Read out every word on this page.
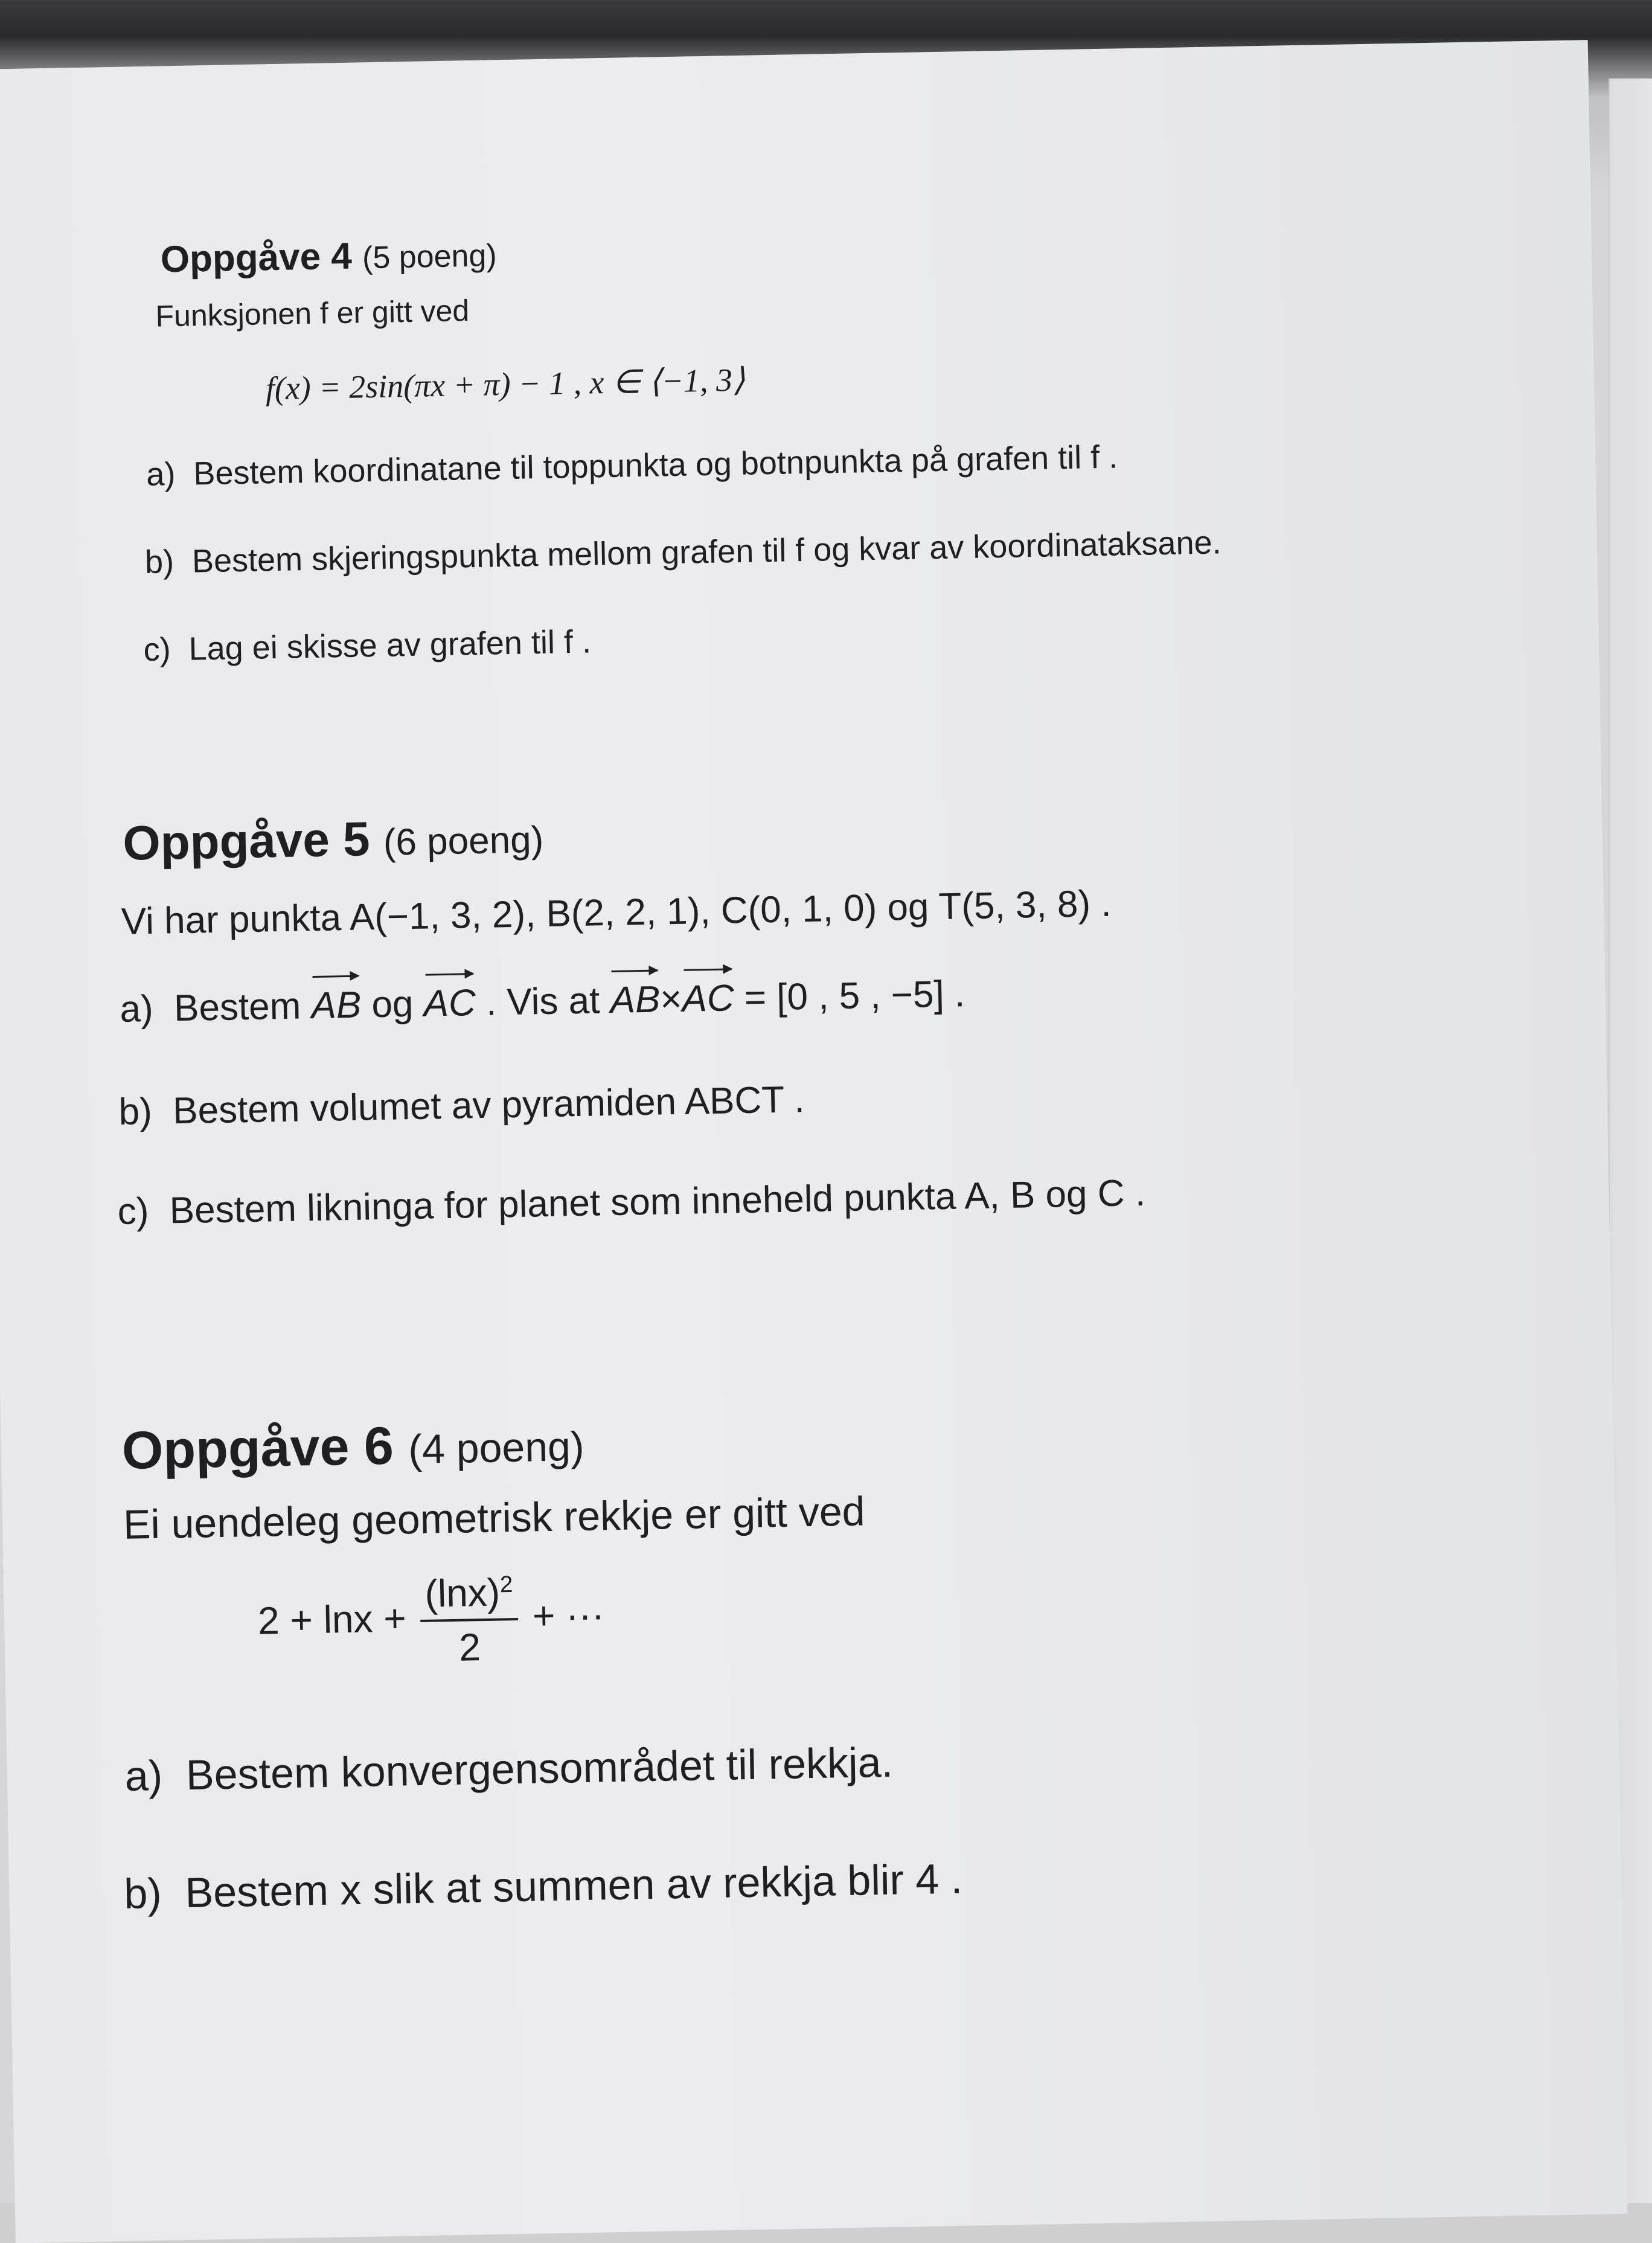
Oppgåve 4 (5 poeng)
Funksjonen f er gitt ved
f(x) = 2sin(πx + π) − 1 , x ∈ ⟨−1, 3⟩
a) Bestem koordinatane til toppunkta og botnpunkta på grafen til f .
b) Bestem skjeringspunkta mellom grafen til f og kvar av koordinataksane.
c) Lag ei skisse av grafen til f .
Oppgåve 5 (6 poeng)
Vi har punkta A(−1, 3, 2), B(2, 2, 1), C(0, 1, 0) og T(5, 3, 8) .
a) Bestem AB og AC . Vis at AB×AC = [0 , 5 , −5] .
b) Bestem volumet av pyramiden ABCT .
c) Bestem likninga for planet som inneheld punkta A, B og C .
Oppgåve 6 (4 poeng)
Ei uendeleg geometrisk rekkje er gitt ved
$2 + \ln x + \frac{(\ln x)^2}{2}$ + ···
a) Bestem konvergensområdet til rekkja.
b) Bestem x slik at summen av rekkja blir 4 .
